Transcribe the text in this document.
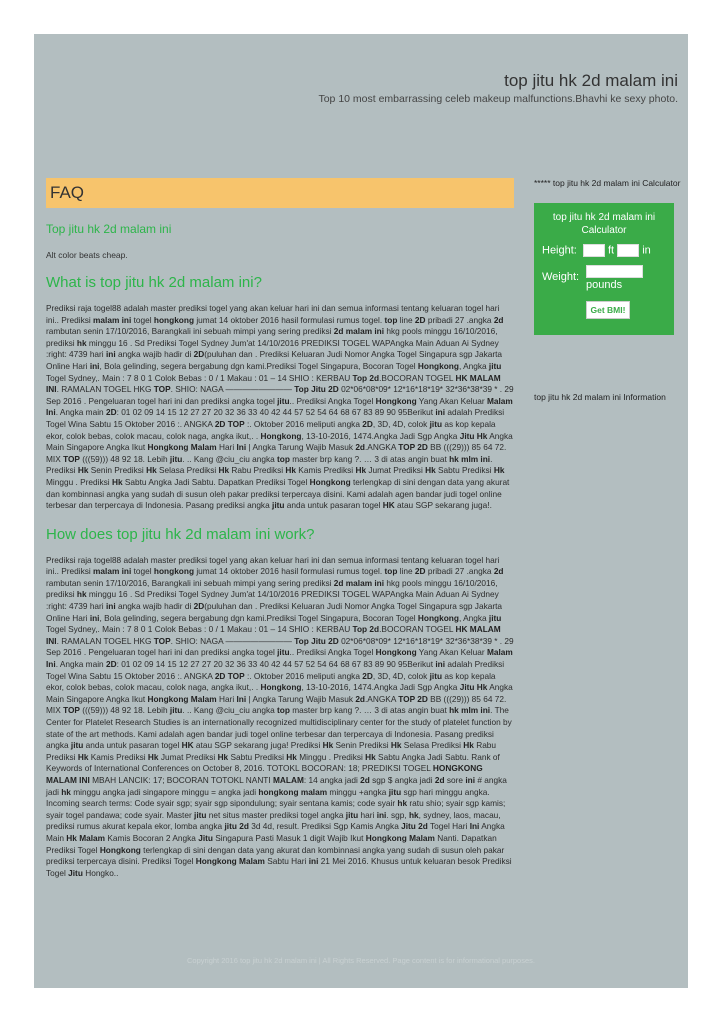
top jitu hk 2d malam ini
Top 10 most embarrassing celeb makeup malfunctions.Bhavhi ke sexy photo.
FAQ
Top jitu hk 2d malam ini
Alt color beats cheap.
What is top jitu hk 2d malam ini?
Prediksi raja togel88 adalah master prediksi togel yang akan keluar hari ini dan semua informasi tentang keluaran togel hari ini.. Prediksi malam ini togel hongkong jumat 14 oktober 2016 hasil formulasi rumus togel. top line 2D pribadi 27 .angka 2d rambutan senin 17/10/2016, Barangkali ini sebuah mimpi yang sering prediksi 2d malam ini hkg pools minggu 16/10/2016, prediksi hk minggu 16 . Sd Prediksi Togel Sydney Jum'at 14/10/2016 PREDIKSI TOGEL WAPAngka Main Aduan Ai Sydney :right: 4739 hari ini angka wajib hadir di 2D(puluhan dan . Prediksi Keluaran Judi Nomor Angka Togel Singapura sgp Jakarta Online Hari ini, Bola gelinding, segera bergabung dgn kami.Prediksi Togel Singapura, Bocoran Togel Hongkong, Angka jitu Togel Sydney,. Main : 7 8 0 1 Colok Bebas : 0 / 1 Makau : 01 – 14 SHIO : KERBAU Top 2d.BOCORAN TOGEL HK MALAM INI. RAMALAN TOGEL HKG TOP. SHIO: NAGA ———————— Top Jitu 2D 02*06*08*09* 12*16*18*19* 32*36*38*39 * . 29 Sep 2016 . Pengeluaran togel hari ini dan prediksi angka togel jitu.. Prediksi Angka Togel Hongkong Yang Akan Keluar Malam Ini. Angka main 2D: 01 02 09 14 15 12 27 27 20 32 36 33 40 42 44 57 52 54 64 68 67 83 89 90 95Berikut ini adalah Prediksi Togel Wina Sabtu 15 Oktober 2016 :. ANGKA 2D TOP :. Oktober 2016 meliputi angka 2D, 3D, 4D, colok jitu as kop kepala ekor, colok bebas, colok macau, colok naga, angka ikut,. . Hongkong, 13-10-2016, 1474.Angka Jadi Sgp Angka Jitu Hk Angka Main Singapore Angka Ikut Hongkong Malam Hari Ini | Angka Tarung Wajib Masuk 2d.ANGKA TOP 2D BB (((29))) 85 64 72. MIX TOP (((59))) 48 92 18. Lebih jitu. .. Kang @ciu_ciu angka top master brp kang ?. … 3 di atas angin buat hk mlm ini. Prediksi Hk Senin Prediksi Hk Selasa Prediksi Hk Rabu Prediksi Hk Kamis Prediksi Hk Jumat Prediksi Hk Sabtu Prediksi Hk Minggu . Prediksi Hk Sabtu Angka Jadi Sabtu. Dapatkan Prediksi Togel Hongkong terlengkap di sini dengan data yang akurat dan kombinnasi angka yang sudah di susun oleh pakar prediksi terpercaya disini. Kami adalah agen bandar judi togel online terbesar dan terpercaya di Indonesia. Pasang prediksi angka jitu anda untuk pasaran togel HK atau SGP sekarang juga!.
How does top jitu hk 2d malam ini work?
Prediksi raja togel88 adalah master prediksi togel yang akan keluar hari ini dan semua informasi tentang keluaran togel hari ini.. Prediksi malam ini togel hongkong jumat 14 oktober 2016 hasil formulasi rumus togel. top line 2D pribadi 27 .angka 2d rambutan senin 17/10/2016, Barangkali ini sebuah mimpi yang sering prediksi 2d malam ini hkg pools minggu 16/10/2016, prediksi hk minggu 16 . Sd Prediksi Togel Sydney Jum'at 14/10/2016 PREDIKSI TOGEL WAPAngka Main Aduan Ai Sydney :right: 4739 hari ini angka wajib hadir di 2D(puluhan dan . Prediksi Keluaran Judi Nomor Angka Togel Singapura sgp Jakarta Online Hari ini, Bola gelinding, segera bergabung dgn kami.Prediksi Togel Singapura, Bocoran Togel Hongkong, Angka jitu Togel Sydney,. Main : 7 8 0 1 Colok Bebas : 0 / 1 Makau : 01 – 14 SHIO : KERBAU Top 2d.BOCORAN TOGEL HK MALAM INI. RAMALAN TOGEL HKG TOP. SHIO: NAGA ———————— Top Jitu 2D 02*06*08*09* 12*16*18*19* 32*36*38*39 * . 29 Sep 2016 . Pengeluaran togel hari ini dan prediksi angka togel jitu.. Prediksi Angka Togel Hongkong Yang Akan Keluar Malam Ini. Angka main 2D: 01 02 09 14 15 12 27 27 20 32 36 33 40 42 44 57 52 54 64 68 67 83 89 90 95Berikut ini adalah Prediksi Togel Wina Sabtu 15 Oktober 2016 :. ANGKA 2D TOP :. Oktober 2016 meliputi angka 2D, 3D, 4D, colok jitu as kop kepala ekor, colok bebas, colok macau, colok naga, angka ikut,. . Hongkong, 13-10-2016, 1474.Angka Jadi Sgp Angka Jitu Hk Angka Main Singapore Angka Ikut Hongkong Malam Hari Ini | Angka Tarung Wajib Masuk 2d.ANGKA TOP 2D BB (((29))) 85 64 72. MIX TOP (((59))) 48 92 18. Lebih jitu. .. Kang @ciu_ciu angka top master brp kang ?. … 3 di atas angin buat hk mlm ini. The Center for Platelet Research Studies is an internationally recognized multidisciplinary center for the study of platelet function by state of the art methods. Kami adalah agen bandar judi togel online terbesar dan terpercaya di Indonesia. Pasang prediksi angka jitu anda untuk pasaran togel HK atau SGP sekarang juga! Prediksi Hk Senin Prediksi Hk Selasa Prediksi Hk Rabu Prediksi Hk Kamis Prediksi Hk Jumat Prediksi Hk Sabtu Prediksi Hk Minggu . Prediksi Hk Sabtu Angka Jadi Sabtu. Rank of Keywords of International Conferences on October 8, 2016. TOTOKL BOCORAN: 18; PREDIKSI TOGEL HONGKONG MALAM INI MBAH LANCIK: 17; BOCORAN TOTOKL NANTI MALAM: 14 angka jadi 2d sgp $ angka jadi 2d sore ini # angka jadi hk minggu angka jadi singapore minggu = angka jadi hongkong malam minggu +angka jitu sgp hari minggu angka. Incoming search terms: Code syair sgp; syair sgp sipondulung; syair sentana kamis; code syair hk ratu shio; syair sgp kamis; syair togel pandawa; code syair. Master jitu net situs master prediksi togel angka jitu hari ini. sgp, hk, sydney, laos, macau, prediksi rumus akurat kepala ekor, lomba angka jitu 2d 3d 4d, result. Prediksi Sgp Kamis Angka Jitu 2d Togel Hari Ini Angka Main Hk Malam Kamis Bocoran 2 Angka Jitu Singapura Pasti Masuk 1 digit Wajib Ikut Hongkong Malam Nanti. Dapatkan Prediksi Togel Hongkong terlengkap di sini dengan data yang akurat dan kombinnasi angka yang sudah di susun oleh pakar prediksi terpercaya disini. Prediksi Togel Hongkong Malam Sabtu Hari ini 21 Mei 2016. Khusus untuk keluaran besok Prediksi Togel Jitu Hongko..
***** top jitu hk 2d malam ini Calculator
top jitu hk 2d malam ini Calculator
Height:	ft	in
Weight:
pounds
Get BMI!
top jitu hk 2d malam ini Information
Copyright 2016 top jitu hk 2d malam ini | All Rights Reserved. Page content is for informational purposes.
